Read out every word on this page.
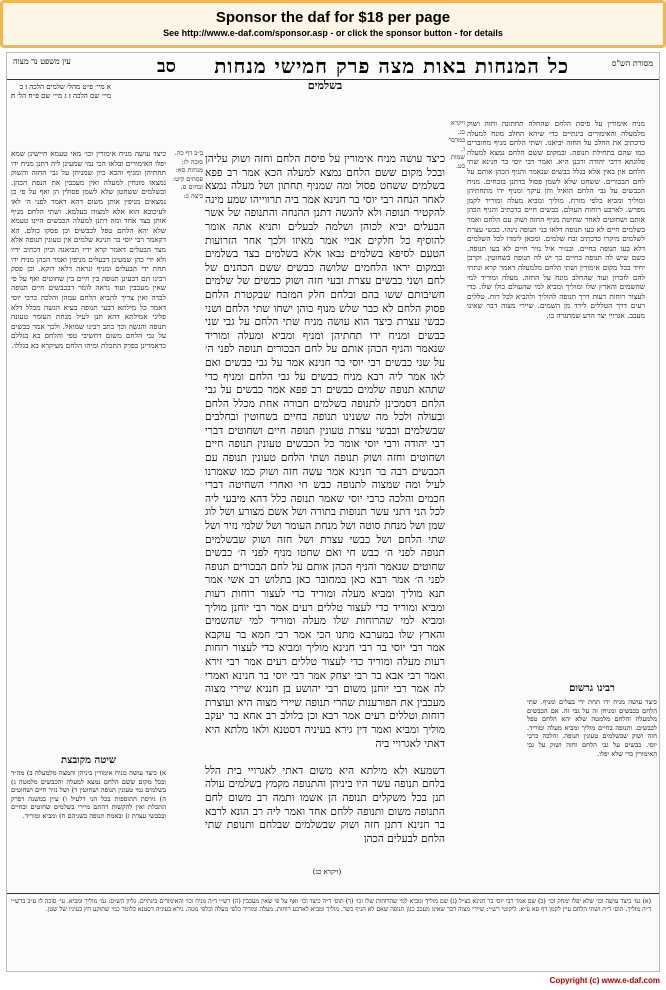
Sponsor the daf for $18 per page
See http://www.e-daf.com/sponsor.asp - or click the sponsor button - for details
מסורת הש"ס
כל המנחות באות מצה פרק חמישי מנחות
סב
עין משפט נר מצוה
בשלמים
א מיי׳ פ״ט מהל׳ שלמים הלכה ו׃ ב מיי׳ שם הלכה ז׃ ג מיי׳ שם פ״ח הל׳ ה׃
מניח אימורין על פיסת הלחם שהחלה תחתונה וחזה ושוק מלמעלה והאימורים בינתיים כדי שיהא החלב מונח למעלה כדכתיב את החלב על החזה יביאנו. ושתי הלחם מניף מחוברים כמו שהם בתחילת תנופה. ובמקום ששם הלחם נמצא למעלה פלוגתא דרבי יהודה ורבנן היא. ואמר רבי יוסי בר חנינא שתי הלחם אין באין אלא בגלל כבשים שנאמר והניף הכהן אותם על לחם הבכורים. ששחט שלא לשמן פסול כדתנן בזבחים. מניח הכבשים על גבי הלחם הואיל והן עיקר ומניף ידו מתחתיהן ומוליך ומביא כלפי מזרח. מוליך ומביא מעלה ומוריד לקמן מפרש. לארבע רוחות העולם. כבשים חיים כדכתיב והניף הכהן אותם ושחוטים לאחר שחיטה מניף החזה ושוק עם הלחם ואמר בשלמים חיים לא בעו תנופה דלאו בני תנופה נינהו. כבשי עצרת לשלמים מיקרו כדכתיב זבח שלמים. ומכאן לימדו לכל השלמים דלא בעו תנופה בחיים. ובנזיר איל נזיר חיים לא בעו תנופה. כשם שיש לה תנופה בחיים כך יש לה תנופה בשחוטין. וקרבן יחיד בכל מקום אימורין ושתי הלחם מלמעלה דאמר קרא ונתתי להם לזכרון ועוד שהחלב מונח על החזה. מעלה ומוריד למי שהשמים והארץ שלו ומוליך ומביא למי שהעולם כולו שלו. כדי לעצור רוחות רעות דרך תנופה להוליך ולהביא לכל רוח. טללים רעים דרך הטללים לירד מן השמים. שיירי מצוה דבר שאינו מעכב. אגרויי יצר הרע שמתגרה בו.
ויקרא כג. במדבר ו. שמות כט.
כיצד עושה מניח אימורין על פיסת הלחם וחזה ושוק עליהן ובכל מקום ששם הלחם נמצא למעלה הכא אמר רב פפא בשלמים ששחט פסול ומה שמניף תחתון ושל מעלה נמצא לאחר הנחה רבי יוסי בר חנינא אמר ביה תרווייהו שמע מינה להקטיר תנופה ולא להגשה דתנן ההנחה והתנופה של אשר הבעלים יביא לכוהן ושלמה לבעלים ותניא אתה אומר להוסיף כל חלקים אביי אמר מאיזו ולכך אחר הזרועות הטעם לסיפא בשלמים נבאו אלא בשלמים בצד בשלמים ובמקום יראו הלחמים שלושה כבשים ששם הכהנים של לחם ושני כבשים עצרת ובעי חזה ושוק כבשים של שלמים חשיבותם ששו בהם ובלחם חלק המזבח שבקטרת הלחם פסוק הלחם לא כבר שלש מנוף כוהן ישחו שתי הלחם ושני כבשי עצרת כיצד הוא עושה מניח שתי הלחם על גבי שני כבשים ומניח ידו תחתיהן ומניף ומביא ומעלה ומוריד שנאמר והניף הכהן אותם על לחם הבכורים תנופה לפני ה׳ על שני כבשים רבי יוסי בר חנינא אמר על גבי כבשים ואם לאו אמר ליה רבא מניח כבשים על גבי הלחם ומניף כדי שתהא תנופה שלמים כבשים רב פפא אמר כבשים על גבי הלחם דסמכינן לתנופה בשלמים חבורה אחת מכלל הלחם ובעולה ולכל מה ששנינו תנופה בחיים בשחוטין ובחלבים שבשלמים וכבשי עצרת טעונין תנופה חיים ושחוטים דברי רבי יהודה ורבי יוסי אומר כל הכבשים טעונין תנופה חיים ושחוטים וחזה ושוק תנופה ושתי הלחם טעונין תנופה עם הכבשים רבה בר חנינא אמר עשה חזה ושוק כמו שאמרנו לעיל ומה שמצוה לתנופה כבש חי ואחרי השחיטה דברי חכמים והלכה כרבי יוסי שאמר תנופה כלל דהא מיבעי ליה לכל הני דתני עשר תנופות בתורה ושל אשם מצורע ושל לוג שמן ושל מנחת סוטה ושל מנחת העומר ושל שלמי נזיר ושל שתי הלחם ושל כבשי עצרת ושל חזה ושוק שבשלמים תנופה לפני ה׳ כבש חי ואם שחטו מניף לפני ה׳ כבשים שחוטים שנאמר והניף הכהן אותם על לחם הבכורים תנופה לפני ה׳ אמר רבא כאן במחובר כאן בתלוש רב אשי אמר תנא מוליך ומביא מעלה ומוריד כדי לעצור רוחות רעות ומביא ומוריד כדי לעצור טללים רעים אמר רבי יוחנן מוליך ומביא למי שהרוחות שלו מעלה ומוריד למי שהשמים והארץ שלו במערבא מתנו הכי אמר רבי חמא בר עוקבא אמר רבי יוסי בר רבי חנינא מוליך ומביא כדי לעצור רוחות רעות מעלה ומוריד כדי לעצור טללים רעים אמר רבי זירא ואמר רבי אבא בר רבי יצחק אמר רבי יוסי בר חנינא ואמרי לה אמר רבי יוחנן משום רבי יהושע בן חנניא שיירי מצוה מעכבין את הפורענות שהרי תנופה שיירי מצוה היא ועוצרת רוחות וטללים רעים אמר רבא וכן בלולב רב אחא בר יעקב מוליך ומביא ואמר דין גירא בעיניה דסטנא ולאו מלתא היא דאתי לאגרויי ביה

דשמעא ולא מילתא היא משום דאתי לאגרויי בית הלל בלחם תנופה עשר היו ביניהן והתנופה מקמץ בשלמים עולה תנן בכל משקלים תנופה הן אשמו ותמה רב משום לחם התנופה משום ותנופה ללחם אחד ואמר ליה רב הונא לרבא בר חנינא דתנן חזה ושוק שבשלמים שבלחם ותנופת שתי הלחם לבעלים הכהן
ב״ב דף כה. סוכה לז: מנחות סא: פסחים קיט: זבחים ס. ביצה כ:
כיצד עושה מניח אימורין וכו׳ מאי טעמא חיישינן שמא יפלו האימורים ובלאו הכי נמי שמעינן ליה דתנן מניח ידו תחתיהן ומניף והכא כיון שמניחן על גבי החזה והשוק נמצאו מונחין למעלה ואין מעכבין את הנפת הכהן. ובשלמים ששחטן שלא לשמן פסולין הן ואף על פי כן נמצאים מניפין אותן משום דהא דאמר לפני ה׳ לאו לעיכובא הוא אלא למצוה בעלמא. ושתי הלחם מניף אותן בצד אחד ומה דתנן למעלה הכבשים היינו טעמא שלא יהא הלחם טפל לכבשים וכן פסקו כולם. הא דקאמר רבי יוסי בר חנינא שלמים אין טעונין תנופה אלא מצד הבעלים דאמר קרא ידיו תביאנה וכיון דכתיב ידיו ולא ידי כהן שמעינן דבעלים מניפין ואמר הכהן מניח ידו תחת ידי הבעלים ומניף ונראה דלאו דוקא. וכן פסק רבינו תם דבעינן תנופה בין חיים בין שחוטים ואף על פי שאין מעכבין ועוד נראה לומר דבכבשים חיים תנופה לבדה ואין צריך להביא הלחם עמהן והלכה כרבי יוסי דאמר כל מילתא דבעי תנופה בעיא הגשה מכלל דלא פליגי אמילתא דהא תנן לעיל מנחת העומר טעונה תנופה והגשה וכך כתב רבינו שמואל. ולכך אמר כבשים על גבי הלחם משום דחשיבי טפי והלחם בא בגללם כדאמרינן בפרק התכלת ומיהו הלחם מעיקרא בא בגללו.
שיטה מקובצת
א) כיצד עושה מניח אימורין ביניהן והמצה מלמעלה ב) מה״ד ובכל מקום ששם הלחם נמצא למעלה והכבשים מלמטה ג) בשלמים נמי טעונין תנופה ושחוטין ד) ושל נזיר חיים ושחוטים ה) גירסת התוספות בכל הני דלעיל ו) עיין במשנה דפרק התכלת ואין להקשות דהתם מיירי בשלמים שחוטים ובחיים ובכבשי עצרת ז) ובאמת תנופה בשניהם ח) ומביא ומוריד.
רבינו גרשום
כיצד עושה מניח ידו תחת ידי בעלים ומניף. שתי הלחם בכבשים ומניחן זה על גבי זה. אם הכבשים מלמעלה והלחם מלמטה שלא יהא הלחם טפל לכבשים. ותנופה בחיים מוליך ומביא מעלה ומוריד. חזה ושוק שבשלמים טעונין תנופה. והלכה כרבי יוסי. כבשים על גבי הלחם וחזה ושוק על גבי האימורין כדי שלא יפלו.
(ויקרא כג)
(א) גמ׳ כיצד עושה וכו׳ שלא יפלו ימחק וכו׳ (ב) שם אמר רבי יוסי בר חנינא כצ״ל (ג) שם מוליך ומביא למי שהרוחות שלו וכו׳ (ד) תוס׳ ד״ה כיצד וכו׳ ואף על פי שאין מעכבין (ה) רש״י ד״ה מניח וכו׳ והאימורים בינתיים. גליון הש״ס: גמ׳ מוליך ומביא. עי׳ סוכה לז ע״ב ברש״י ד״ה מוליך. תוס׳ ד״ה ושתי הלחם עיין לקמן דף סא ע״א. ליקוטי רש״י: שיירי מצוה דבר שאינו מעכב כגון תנופה שאם לא הניף כשר. מוליך ומביא לארבע רוחות. מעלה ומוריד כלפי מעלה וכלפי מטה. גירא בעיניה דסטנא כלומר כמי שתוקע חץ בעיניו של שטן.
Copyright (c) www.e-daf.com
